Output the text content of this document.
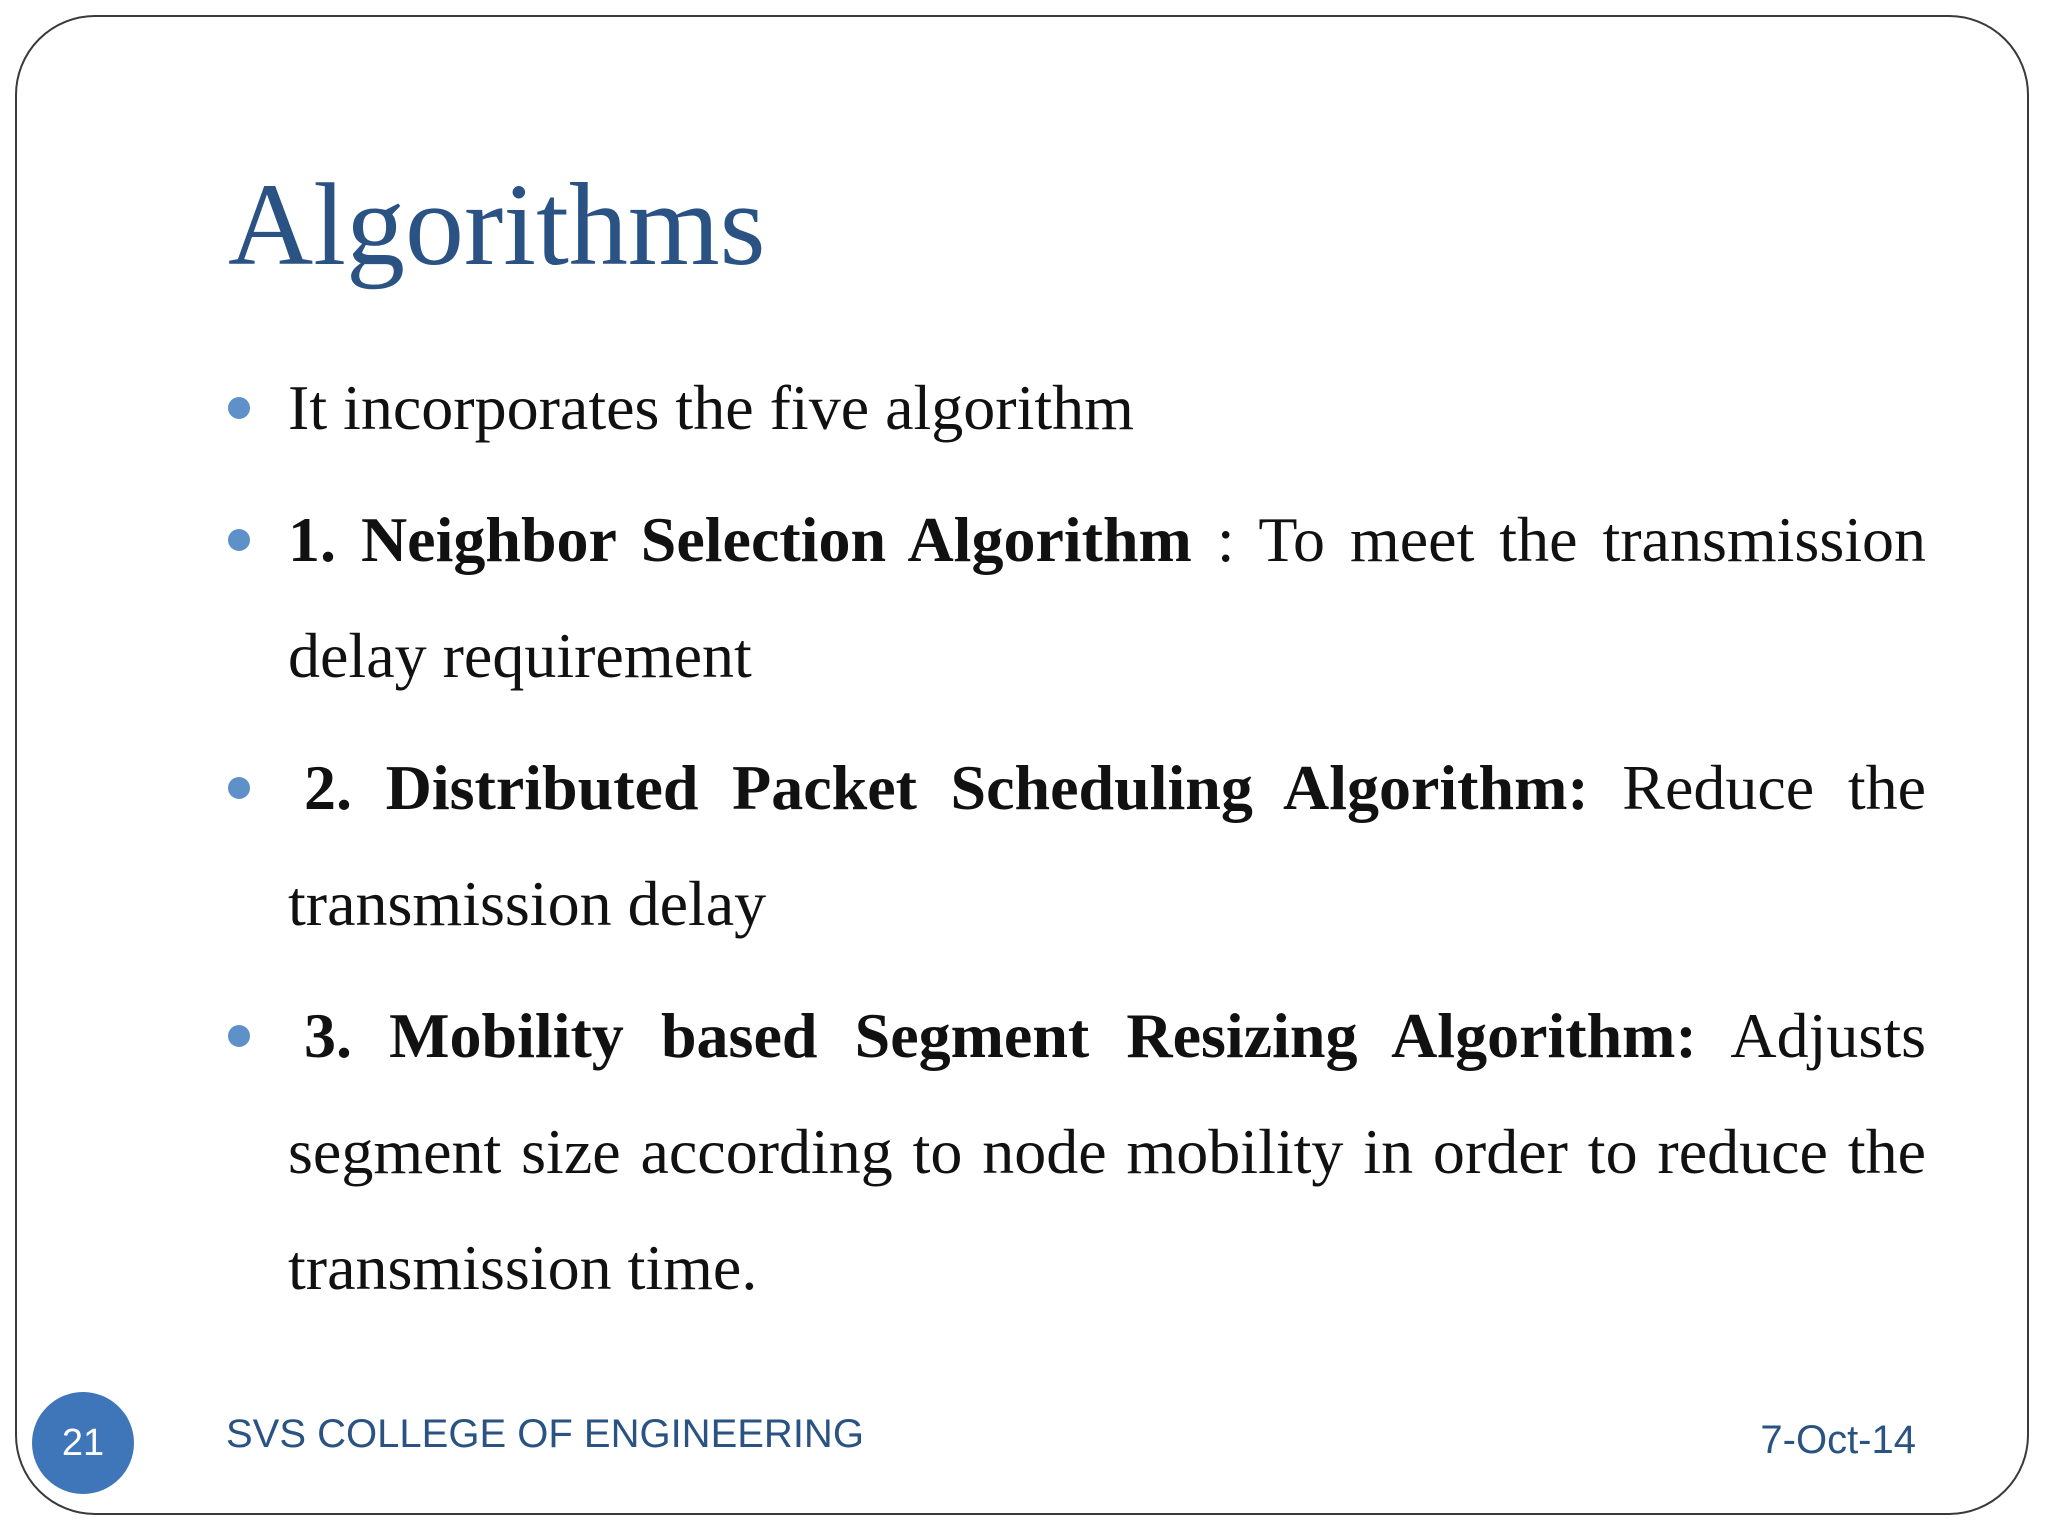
Algorithms
It incorporates the five algorithm
1. Neighbor Selection Algorithm : To meet the transmission delay requirement
2. Distributed Packet Scheduling Algorithm: Reduce the transmission delay
3. Mobility based Segment Resizing Algorithm: Adjusts segment size according to node mobility in order to reduce the transmission time.
21	SVS COLLEGE OF ENGINEERING	7-Oct-14
